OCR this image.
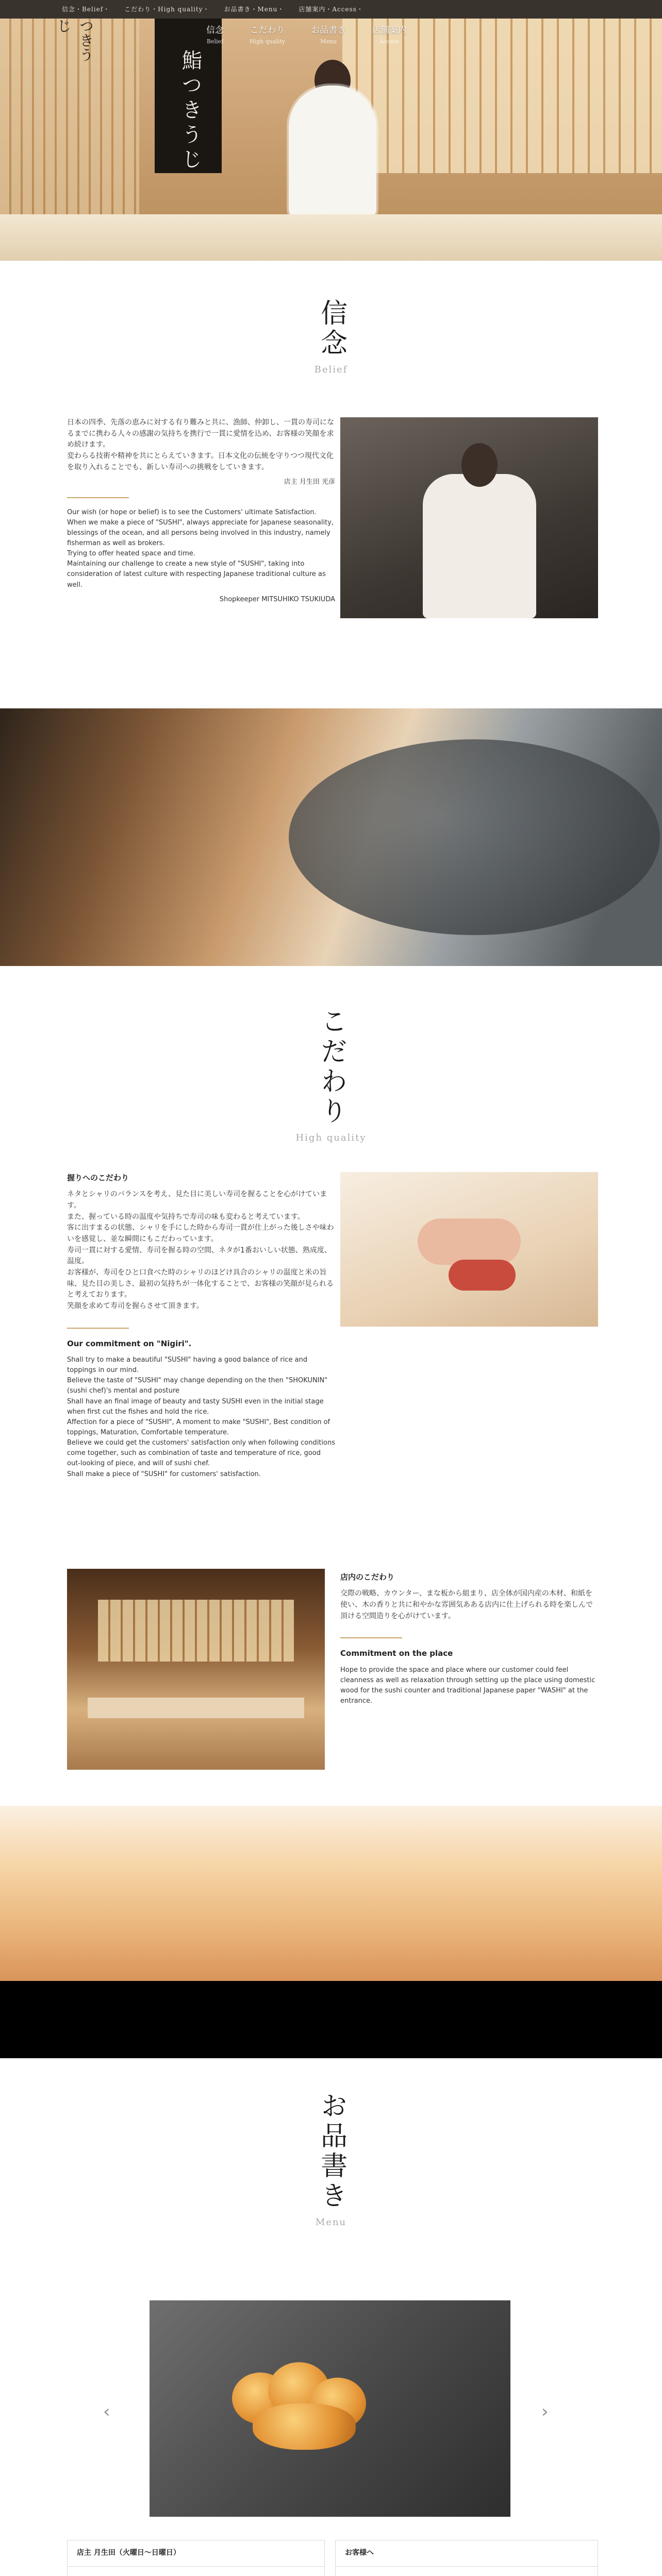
鮨つきうじ
信念・Belief・ こだわり・High quality・ お品書き・Menu・ 店舗案内・Access・
つきうじ	信念
Belief
こだわり
High quality
お品書き
Menu
店舗案内
Access
信念
Belief

日本の四季、先落の恵みに対する有り難みと共に、漁師、仲卸し、一貫の寿司になるまでに携わる人々の感謝の気持ちを携行で一貫に愛情を込め、お客様の笑顔を求め続けます。
変わらる技術や精神を共にとらえていきます。日本文化の伝統を守りつつ現代文化を取り入れることでも、新しい寿司への挑戦をしていきます。

店主 月生田 光彦

Our wish (or hope or belief) is to see the Customers' ultimate Satisfaction.

When we make a piece of "SUSHI", always appreciate for Japanese seasonality, blessings of the ocean, and all persons being involved in this industry, namely fisherman as well as brokers.

Trying to offer heated space and time.

Maintaining our challenge to create a new style of "SUSHI", taking into consideration of latest culture with respecting Japanese traditional culture as well.

Shopkeeper MITSUHIKO TSUKIUDA

こだわり
High quality

握りへのこだわり

ネタとシャリのバランスを考え、見た目に美しい寿司を握ることを心がけています。
また、握っている時の温度や気持ちで寿司の味も変わると考えています。
客に出すまるの状態、シャリを手にした時から寿司一貫が仕上がった後しさや味わいを感覚し、並な瞬間にもこだわっています。
寿司一貫に対する愛情、寿司を握る時の空間、ネタが1番おいしい状態、熟成度、温度。
お客様が、寿司をひと口食べた時のシャリのほどけ具合のシャリの温度と米の旨味、見た目の美しさ、最初の気持ちが一体化することで、お客様の笑顔が見られると考えております。
笑顔を求めて寿司を握らさせて頂きます。

Our commitment on "Nigiri".

Shall try to make a beautiful "SUSHI" having a good balance of rice and toppings in our mind.

Believe the taste of "SUSHI" may change depending on the then "SHOKUNIN" (sushi chef)'s mental and posture

Shall have an final image of beauty and tasty SUSHI even in the initial stage when first cut the fishes and hold the rice.

Affection for a piece of "SUSHI", A moment to make "SUSHI", Best condition of toppings, Maturation, Comfortable temperature.

Believe we could get the customers' satisfaction only when following conditions come together, such as combination of taste and temperature of rice, good out-looking of piece, and will of sushi chef.

Shall make a piece of "SUSHI" for customers' satisfaction.

店内のこだわり

交際の戦略、カウンター、まな板から組まり、店全体が国内産の木材、和紙を使い、木の香りと共に和やかな雰囲気あある店内に仕上げられる時を楽しんで頂ける空間造りを心がけています。

Commitment on the place

Hope to provide the space and place where our customer could feel cleanness as well as relaxation through setting up the place using domestic wood for the sushi counter and traditional Japanese paper "WASHI" at the entrance.

お品書き
Menu
‹	›
店主 月生田（火曜日〜日曜日）	お客様へ
